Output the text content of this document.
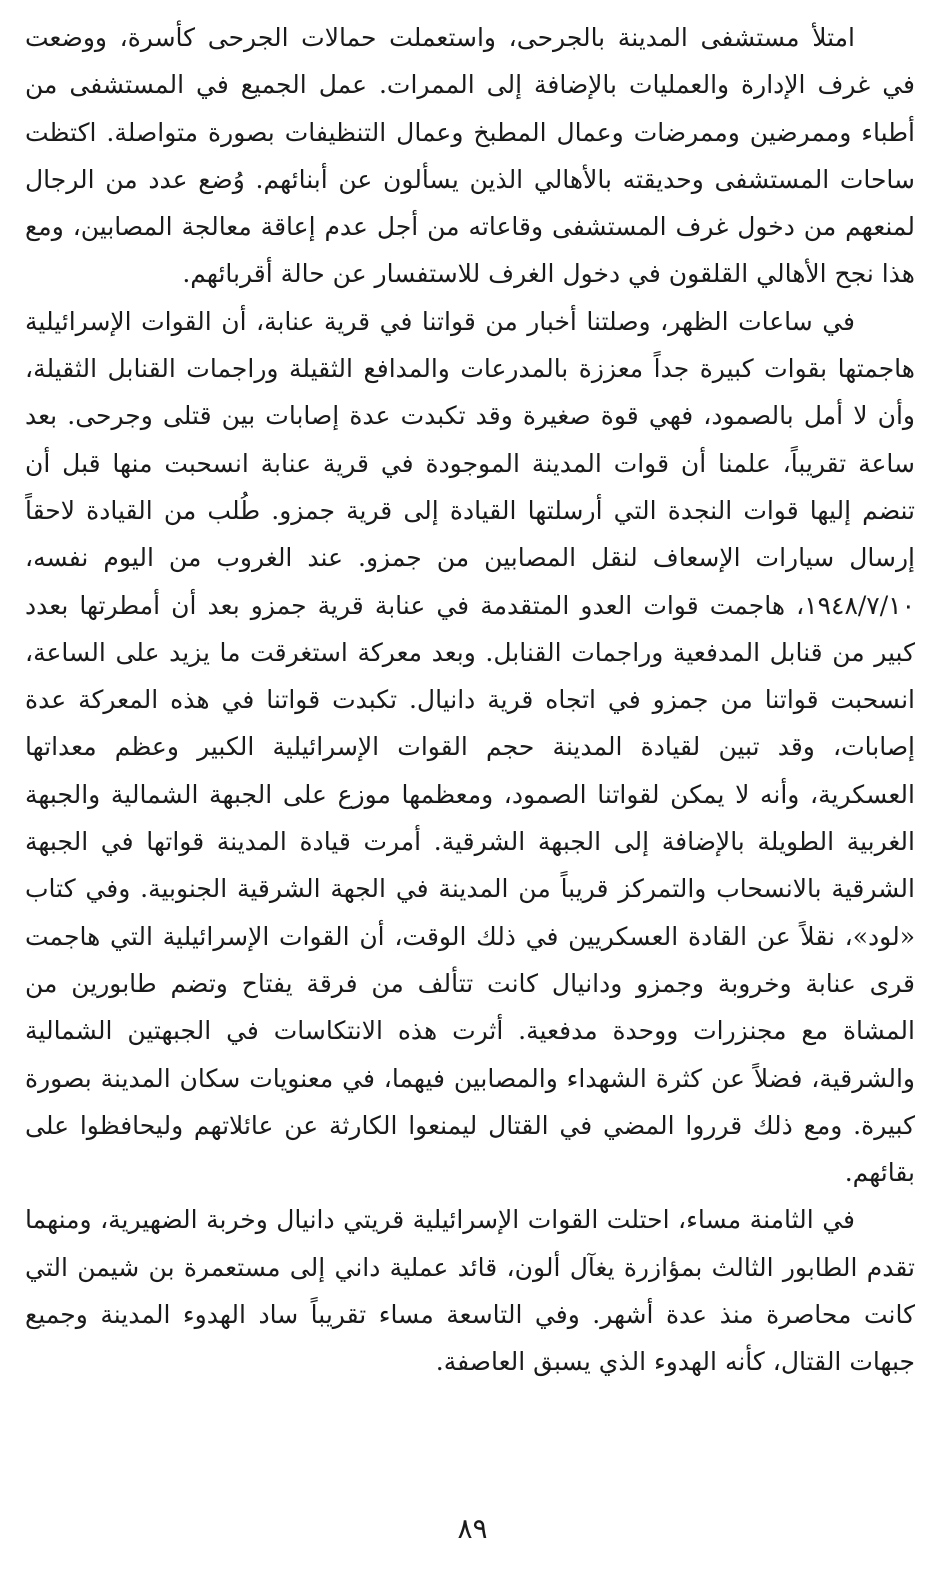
امتلأ مستشفى المدينة بالجرحى، واستعملت حمالات الجرحى كأسرة، ووضعت في غرف الإدارة والعمليات بالإضافة إلى الممرات. عمل الجميع في المستشفى من أطباء وممرضين وممرضات وعمال المطبخ وعمال التنظيفات بصورة متواصلة. اكتظت ساحات المستشفى وحديقته بالأهالي الذين يسألون عن أبنائهم. وُضع عدد من الرجال لمنعهم من دخول غرف المستشفى وقاعاته من أجل عدم إعاقة معالجة المصابين، ومع هذا نجح الأهالي القلقون في دخول الغرف للاستفسار عن حالة أقربائهم.

في ساعات الظهر، وصلتنا أخبار من قواتنا في قرية عنابة، أن القوات الإسرائيلية هاجمتها بقوات كبيرة جداً معززة بالمدرعات والمدافع الثقيلة وراجمات القنابل الثقيلة، وأن لا أمل بالصمود، فهي قوة صغيرة وقد تكبدت عدة إصابات بين قتلى وجرحى. بعد ساعة تقريباً، علمنا أن قوات المدينة الموجودة في قرية عنابة انسحبت منها قبل أن تنضم إليها قوات النجدة التي أرسلتها القيادة إلى قرية جمزو. طُلب من القيادة لاحقاً إرسال سيارات الإسعاف لنقل المصابين من جمزو. عند الغروب من اليوم نفسه، ١٩٤٨/٧/١٠، هاجمت قوات العدو المتقدمة في عنابة قرية جمزو بعد أن أمطرتها بعدد كبير من قنابل المدفعية وراجمات القنابل. وبعد معركة استغرقت ما يزيد على الساعة، انسحبت قواتنا من جمزو في اتجاه قرية دانيال. تكبدت قواتنا في هذه المعركة عدة إصابات، وقد تبين لقيادة المدينة حجم القوات الإسرائيلية الكبير وعظم معداتها العسكرية، وأنه لا يمكن لقواتنا الصمود، ومعظمها موزع على الجبهة الشمالية والجبهة الغربية الطويلة بالإضافة إلى الجبهة الشرقية. أمرت قيادة المدينة قواتها في الجبهة الشرقية بالانسحاب والتمركز قريباً من المدينة في الجهة الشرقية الجنوبية. وفي كتاب «لود»، نقلاً عن القادة العسكريين في ذلك الوقت، أن القوات الإسرائيلية التي هاجمت قرى عنابة وخروبة وجمزو ودانيال كانت تتألف من فرقة يفتاح وتضم طابورين من المشاة مع مجنزرات ووحدة مدفعية. أثرت هذه الانتكاسات في الجبهتين الشمالية والشرقية، فضلاً عن كثرة الشهداء والمصابين فيهما، في معنويات سكان المدينة بصورة كبيرة. ومع ذلك قرروا المضي في القتال ليمنعوا الكارثة عن عائلاتهم وليحافظوا على بقائهم.

في الثامنة مساء، احتلت القوات الإسرائيلية قريتي دانيال وخربة الضهيرية، ومنهما تقدم الطابور الثالث بمؤازرة يغآل ألون، قائد عملية داني إلى مستعمرة بن شيمن التي كانت محاصرة منذ عدة أشهر. وفي التاسعة مساء تقريباً ساد الهدوء المدينة وجميع جبهات القتال، كأنه الهدوء الذي يسبق العاصفة.

٨٩
